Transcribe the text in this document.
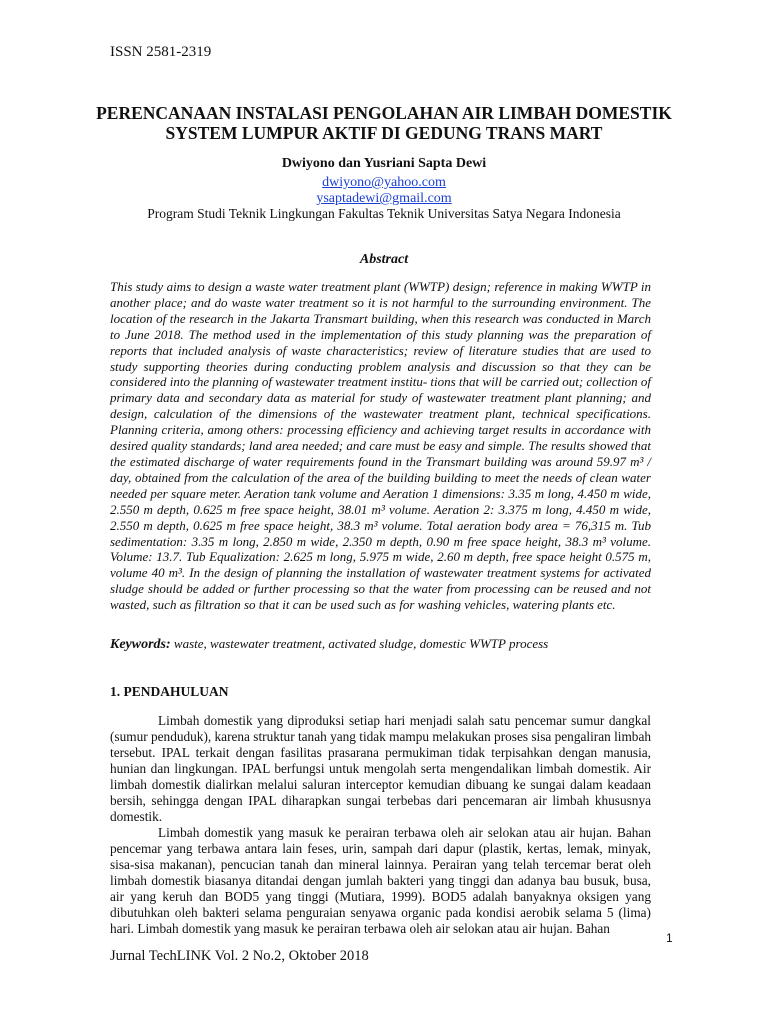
ISSN 2581-2319
PERENCANAAN INSTALASI PENGOLAHAN AIR LIMBAH DOMESTIK SYSTEM LUMPUR AKTIF DI GEDUNG TRANS MART
Dwiyono dan Yusriani Sapta Dewi
dwiyono@yahoo.com
ysaptadewi@gmail.com
Program Studi Teknik Lingkungan Fakultas Teknik Universitas Satya Negara Indonesia
Abstract

This study aims to design a waste water treatment plant (WWTP) design; reference in making WWTP in another place; and do waste water treatment so it is not harmful to the surrounding environment. The location of the research in the Jakarta Transmart building, when this research was conducted in March to June 2018. The method used in the implementation of this study planning was the preparation of reports that included analysis of waste characteristics; review of literature studies that are used to study supporting theories during conducting problem analysis and discussion so that they can be considered into the planning of wastewater treatment institu- tions that will be carried out; collection of primary data and secondary data as material for study of wastewater treatment plant planning; and design, calculation of the dimensions of the wastewater treatment plant, technical specifications. Planning criteria, among others: processing efficiency and achieving target results in accordance with desired quality standards; land area needed; and care must be easy and simple. The results showed that the estimated discharge of water requirements found in the Transmart building was around 59.97 m³ / day, obtained from the calculation of the area of the building building to meet the needs of clean water needed per square meter. Aeration tank volume and Aeration 1 dimensions: 3.35 m long, 4.450 m wide, 2.550 m depth, 0.625 m free space height, 38.01 m³ volume. Aeration 2: 3.375 m long, 4.450 m wide, 2.550 m depth, 0.625 m free space height, 38.3 m³ volume. Total aeration body area = 76,315 m. Tub sedimentation: 3.35 m long, 2.850 m wide, 2.350 m depth, 0.90 m free space height, 38.3 m³ volume. Volume: 13.7. Tub Equalization: 2.625 m long, 5.975 m wide, 2.60 m depth, free space height 0.575 m, volume 40 m³. In the design of planning the installation of wastewater treatment systems for activated sludge should be added or further processing so that the water from processing can be reused and not wasted, such as filtration so that it can be used such as for washing vehicles, watering plants etc.

Keywords: waste, wastewater treatment, activated sludge, domestic WWTP process
1. PENDAHULUAN

Limbah domestik yang diproduksi setiap hari menjadi salah satu pencemar sumur dangkal (sumur penduduk), karena struktur tanah yang tidak mampu melakukan proses sisa pengaliran limbah tersebut. IPAL terkait dengan fasilitas prasarana permukiman tidak terpisahkan dengan manusia, hunian dan lingkungan. IPAL berfungsi untuk mengolah serta mengendalikan limbah domestik. Air limbah domestik dialirkan melalui saluran interceptor kemudian dibuang ke sungai dalam keadaan bersih, sehingga dengan IPAL diharapkan sungai terbebas dari pencemaran air limbah khususnya domestik.

Limbah domestik yang masuk ke perairan terbawa oleh air selokan atau air hujan. Bahan pencemar yang terbawa antara lain feses, urin, sampah dari dapur (plastik, kertas, lemak, minyak, sisa-sisa makanan), pencucian tanah dan mineral lainnya. Perairan yang telah tercemar berat oleh limbah domestik biasanya ditandai dengan jumlah bakteri yang tinggi dan adanya bau busuk, busa, air yang keruh dan BOD5 yang tinggi (Mutiara, 1999). BOD5 adalah banyaknya oksigen yang dibutuhkan oleh bakteri selama penguraian senyawa organic pada kondisi aerobik selama 5 (lima) hari. Limbah domestik yang masuk ke perairan terbawa oleh air selokan atau air hujan. Bahan

1
Jurnal TechLINK Vol. 2 No.2, Oktober 2018
